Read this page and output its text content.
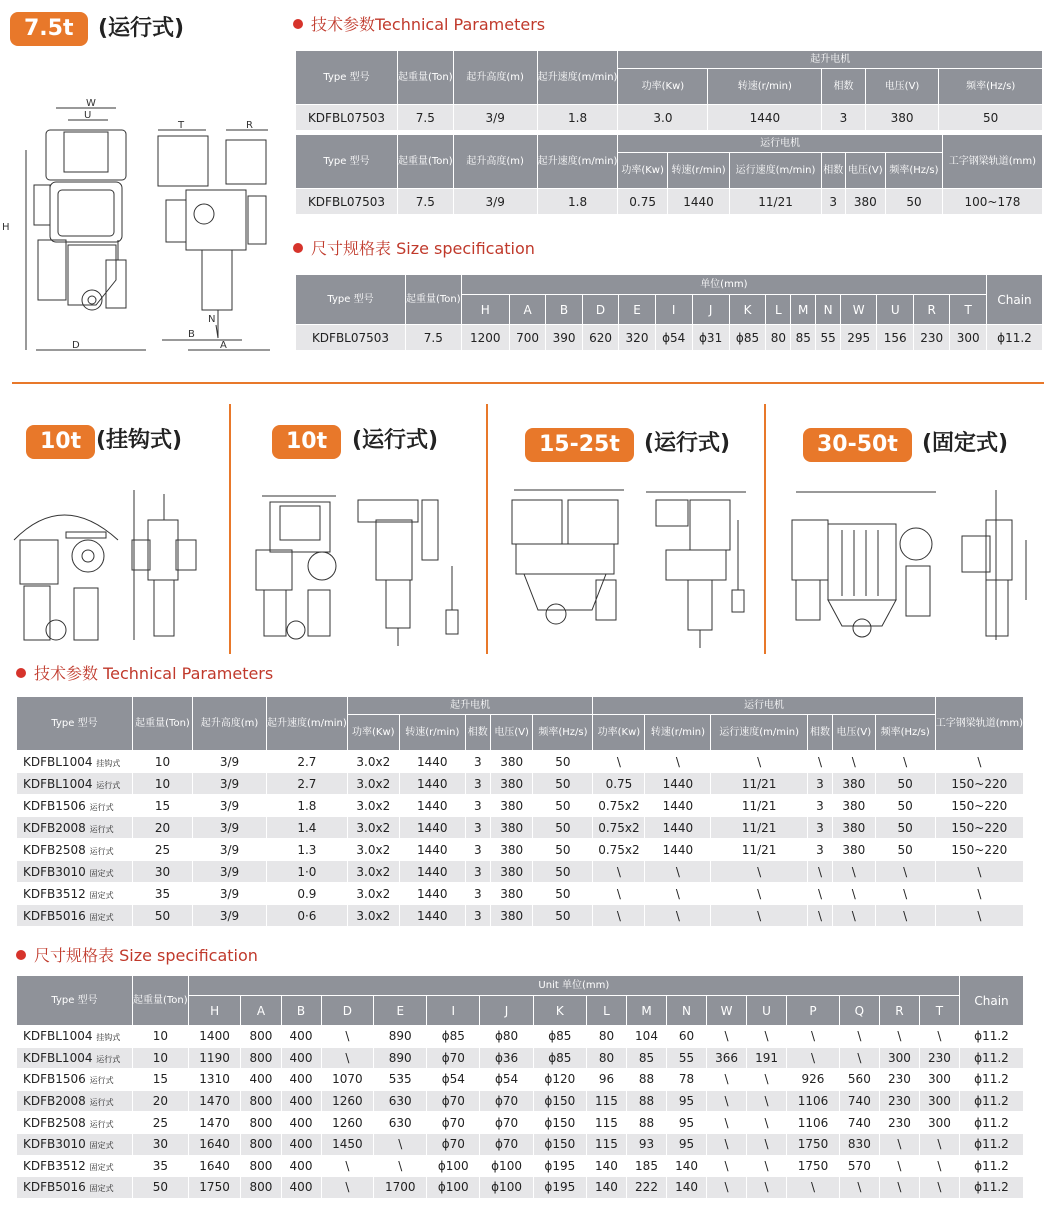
7.5t	(运行式)
W
U
H
D
T	R
N
B
A
技术参数Technical Parameters
Type 型号	起重量(Ton)	起升高度(m)	起升速度(m/min)	起升电机				
				功率(Kw)	转速(r/min)	相数	电压(V)	频率(Hz/s)
KDFBL07503	7.5	3/9	1.8	3.0	1440	3	380	50
Type 型号	起重量(Ton)	起升高度(m)	起升速度(m/min)	运行电机						工字钢梁轨道(mm)
				功率(Kw)	转速(r/min)	运行速度(m/min)	相数	电压(V)	频率(Hz/s)	
KDFBL07503	7.5	3/9	1.8	0.75	1440	11/21	3	380	50	100~178
尺寸规格表 Size specification
Type 型号	起重量(Ton)	单位(mm)															Chain
		H	A	B	D	E	I	J	K	L	M	N	W	U	R	T	
KDFBL07503	7.5	1200	700	390	620	320	ϕ54	ϕ31	ϕ85	80	85	55	295	156	230	300	ϕ11.2
10t (挂钩式)	10t	(运行式)	15-25t	(运行式)	30-50t	(固定式)
技术参数 Technical Parameters
Type 型号	起重量(Ton)	起升高度(m)	起升速度(m/min)	起升电机					运行电机						工字钢梁轨道(mm)
				功率(Kw)	转速(r/min)	相数	电压(V)	频率(Hz/s)	功率(Kw)	转速(r/min)	运行速度(m/min)	相数	电压(V)	频率(Hz/s)	
KDFBL1004 挂钩式	10	3/9	2.7	3.0x2	1440	3	380	50	\	\	\	\	\	\	\
KDFBL1004 运行式	10	3/9	2.7	3.0x2	1440	3	380	50	0.75	1440	11/21	3	380	50	150~220
KDFB1506 运行式	15	3/9	1.8	3.0x2	1440	3	380	50	0.75x2	1440	11/21	3	380	50	150~220
KDFB2008 运行式	20	3/9	1.4	3.0x2	1440	3	380	50	0.75x2	1440	11/21	3	380	50	150~220
KDFB2508 运行式	25	3/9	1.3	3.0x2	1440	3	380	50	0.75x2	1440	11/21	3	380	50	150~220
KDFB3010 固定式	30	3/9	1·0	3.0x2	1440	3	380	50	\	\	\	\	\	\	\
KDFB3512 固定式	35	3/9	0.9	3.0x2	1440	3	380	50	\	\	\	\	\	\	\
KDFB5016 固定式	50	3/9	0·6	3.0x2	1440	3	380	50	\	\	\	\	\	\	\
尺寸规格表 Size specification
Type 型号	起重量(Ton)	Unit 单位(mm)																	Chain
		H	A	B	D	E	I	J	K	L	M	N	W	U	P	Q	R	T	
KDFBL1004 挂钩式	10	1400	800	400	\	890	ϕ85	ϕ80	ϕ85	80	104	60	\	\	\	\	\	\	ϕ11.2
KDFBL1004 运行式	10	1190	800	400	\	890	ϕ70	ϕ36	ϕ85	80	85	55	366	191	\	\	300	230	ϕ11.2
KDFB1506 运行式	15	1310	400	400	1070	535	ϕ54	ϕ54	ϕ120	96	88	78	\	\	926	560	230	300	ϕ11.2
KDFB2008 运行式	20	1470	800	400	1260	630	ϕ70	ϕ70	ϕ150	115	88	95	\	\	1106	740	230	300	ϕ11.2
KDFB2508 运行式	25	1470	800	400	1260	630	ϕ70	ϕ70	ϕ150	115	88	95	\	\	1106	740	230	300	ϕ11.2
KDFB3010 固定式	30	1640	800	400	1450	\	ϕ70	ϕ70	ϕ150	115	93	95	\	\	1750	830	\	\	ϕ11.2
KDFB3512 固定式	35	1640	800	400	\	\	ϕ100	ϕ100	ϕ195	140	185	140	\	\	1750	570	\	\	ϕ11.2
KDFB5016 固定式	50	1750	800	400	\	1700	ϕ100	ϕ100	ϕ195	140	222	140	\	\	\	\	\	\	ϕ11.2
